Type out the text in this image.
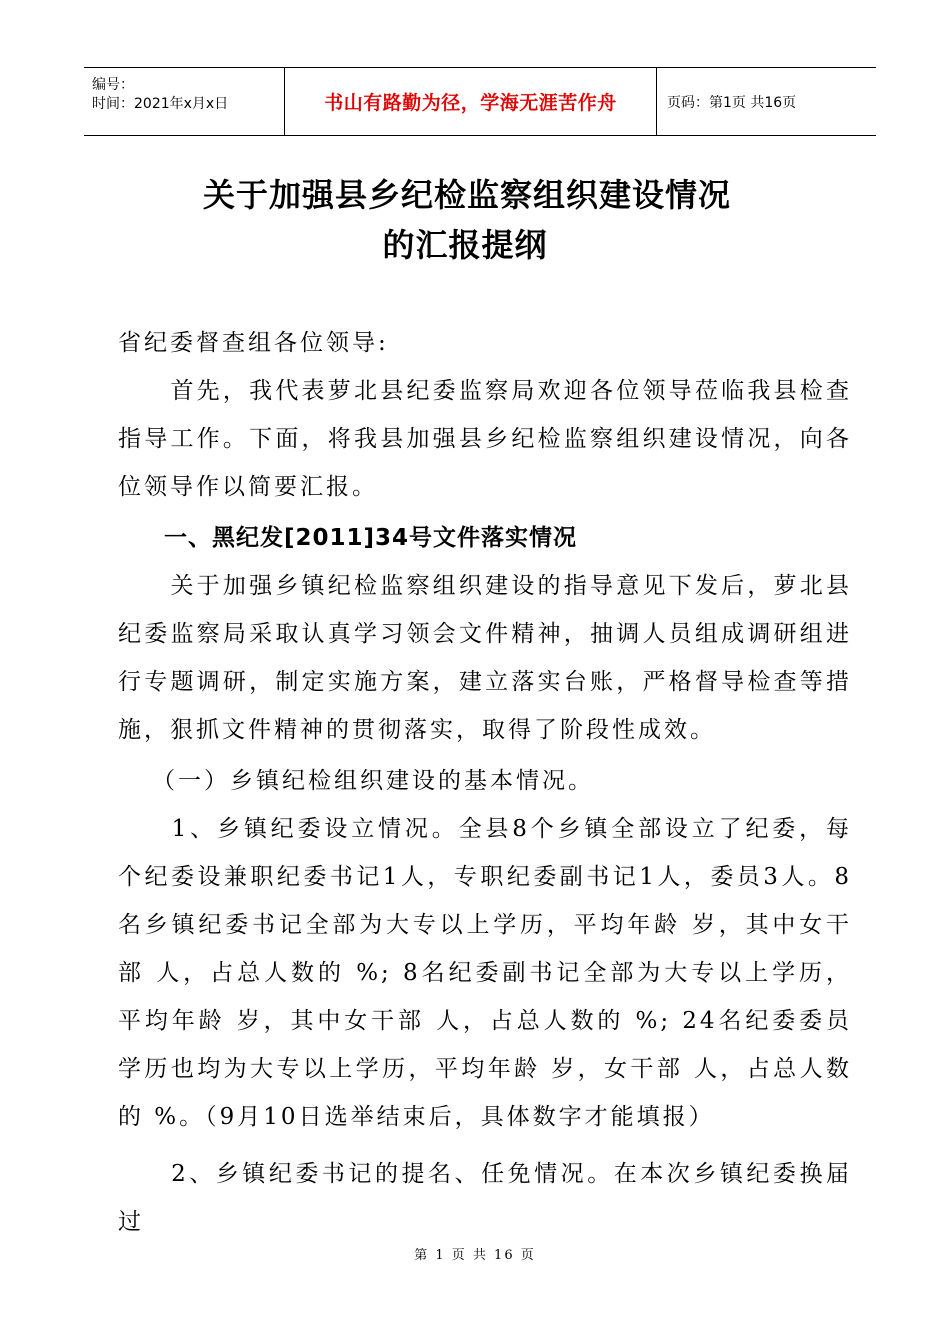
编号：
时间：2021年x月x日	书山有路勤为径，学海无涯苦作舟	页码：第1页 共16页
关于加强县乡纪检监察组织建设情况
的汇报提纲
省纪委督查组各位领导:
　　首先，我代表萝北县纪委监察局欢迎各位领导莅临我县检查指导工作。下面，将我县加强县乡纪检监察组织建设情况，向各位领导作以简要汇报。
一、黑纪发[2011]34号文件落实情况
　　关于加强乡镇纪检监察组织建设的指导意见下发后，萝北县纪委监察局采取认真学习领会文件精神，抽调人员组成调研组进行专题调研，制定实施方案，建立落实台账，严格督导检查等措施，狠抓文件精神的贯彻落实，取得了阶段性成效。
（一）乡镇纪检组织建设的基本情况。
　　1、乡镇纪委设立情况。全县8个乡镇全部设立了纪委，每个纪委设兼职纪委书记1人，专职纪委副书记1人，委员3人。8名乡镇纪委书记全部为大专以上学历，平均年龄 岁，其中女干部 人，占总人数的 %; 8名纪委副书记全部为大专以上学历，平均年龄 岁，其中女干部 人，占总人数的 %; 24名纪委委员学历也均为大专以上学历，平均年龄 岁，女干部 人，占总人数的 %。（9月10日选举结束后，具体数字才能填报）
　　2、乡镇纪委书记的提名、任免情况。在本次乡镇纪委换届过
第 1 页 共 16 页
